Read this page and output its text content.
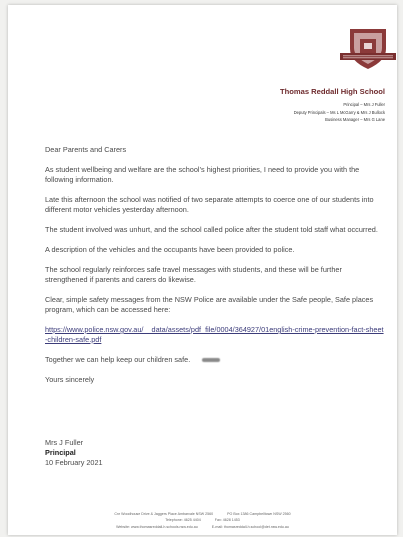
Thomas Reddall High School
Principal – Mrs J Fuller
Deputy Principals – Ms L McGarry & Mrs J Bullock
Business Manager – Mrs G Lane

Dear Parents and Carers

As student wellbeing and welfare are the school’s highest priorities, I need to provide you with the following information.

Late this afternoon the school was notified of two separate attempts to coerce one of our students into different motor vehicles yesterday afternoon.

The student involved was unhurt, and the school called police after the student told staff what occurred.

A description of the vehicles and the occupants have been provided to police.

The school regularly reinforces safe travel messages with students, and these will be further strengthened if parents and carers do likewise.

Clear, simple safety messages from the NSW Police are available under the Safe people, Safe places program, which can be accessed here:

https://www.police.nsw.gov.au/__data/assets/pdf_file/0004/364927/01english-crime-prevention-fact-sheet-children-safe.pdf

Together we can help keep our children safe.

Yours sincerely

Mrs J Fuller
Principal
10 February 2021
Cnr Woodhouse Drive & Jaggers Place Ambarvale NSW 2560	PO Box 1386 Campbelltown NSW 2560
Telephone: 4625 4404	Fax: 4628 1453
Website: www.thomasreddall-h.schools.nsw.edu.au	E-mail: thomasreddall-h.school@det.nsw.edu.au
